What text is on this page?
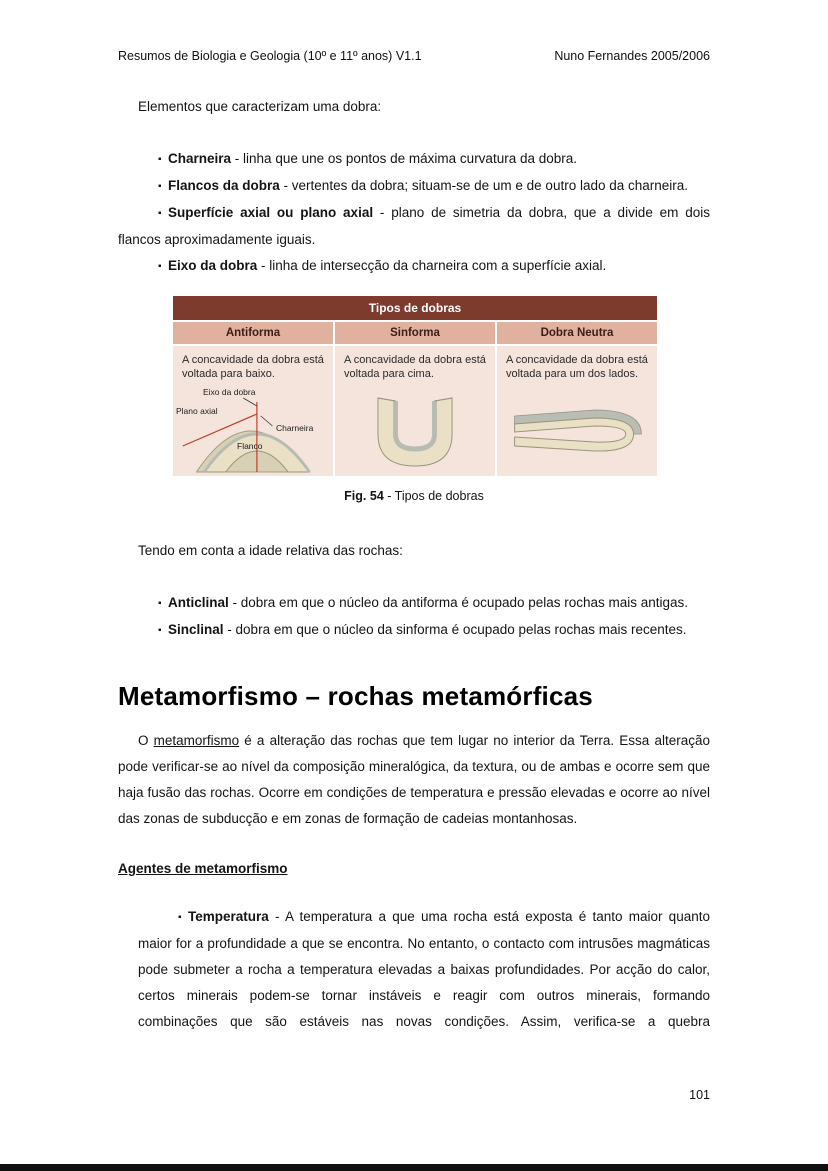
Resumos de Biologia e Geologia (10º e 11º anos) V1.1	Nuno Fernandes 2005/2006

Elementos que caracterizam uma dobra:

▪ Charneira - linha que une os pontos de máxima curvatura da dobra.

▪ Flancos da dobra - vertentes da dobra; situam-se de um e de outro lado da charneira.

▪ Superfície axial ou plano axial - plano de simetria da dobra, que a divide em dois flancos aproximadamente iguais.

▪ Eixo da dobra - linha de intersecção da charneira com a superfície axial.

Tipos de dobras
Antiforma
A concavidade da dobra está voltada para baixo.
Eixo da dobra
Plano axial
Charneira
Flanco
Sinforma
A concavidade da dobra está voltada para cima.
Dobra Neutra
A concavidade da dobra está voltada para um dos lados.

Fig. 54 - Tipos de dobras

Tendo em conta a idade relativa das rochas:

▪ Anticlinal - dobra em que o núcleo da antiforma é ocupado pelas rochas mais antigas.

▪ Sinclinal - dobra em que o núcleo da sinforma é ocupado pelas rochas mais recentes.

Metamorfismo – rochas metamórficas

O metamorfismo é a alteração das rochas que tem lugar no interior da Terra. Essa alteração pode verificar-se ao nível da composição mineralógica, da textura, ou de ambas e ocorre sem que haja fusão das rochas. Ocorre em condições de temperatura e pressão elevadas e ocorre ao nível das zonas de subducção e em zonas de formação de cadeias montanhosas.

Agentes de metamorfismo

▪ Temperatura - A temperatura a que uma rocha está exposta é tanto maior quanto maior for a profundidade a que se encontra. No entanto, o contacto com intrusões magmáticas pode submeter a rocha a temperatura elevadas a baixas profundidades. Por acção do calor, certos minerais podem-se tornar instáveis e reagir com outros minerais, formando combinações que são estáveis nas novas condições. Assim, verifica-se a quebra

101
